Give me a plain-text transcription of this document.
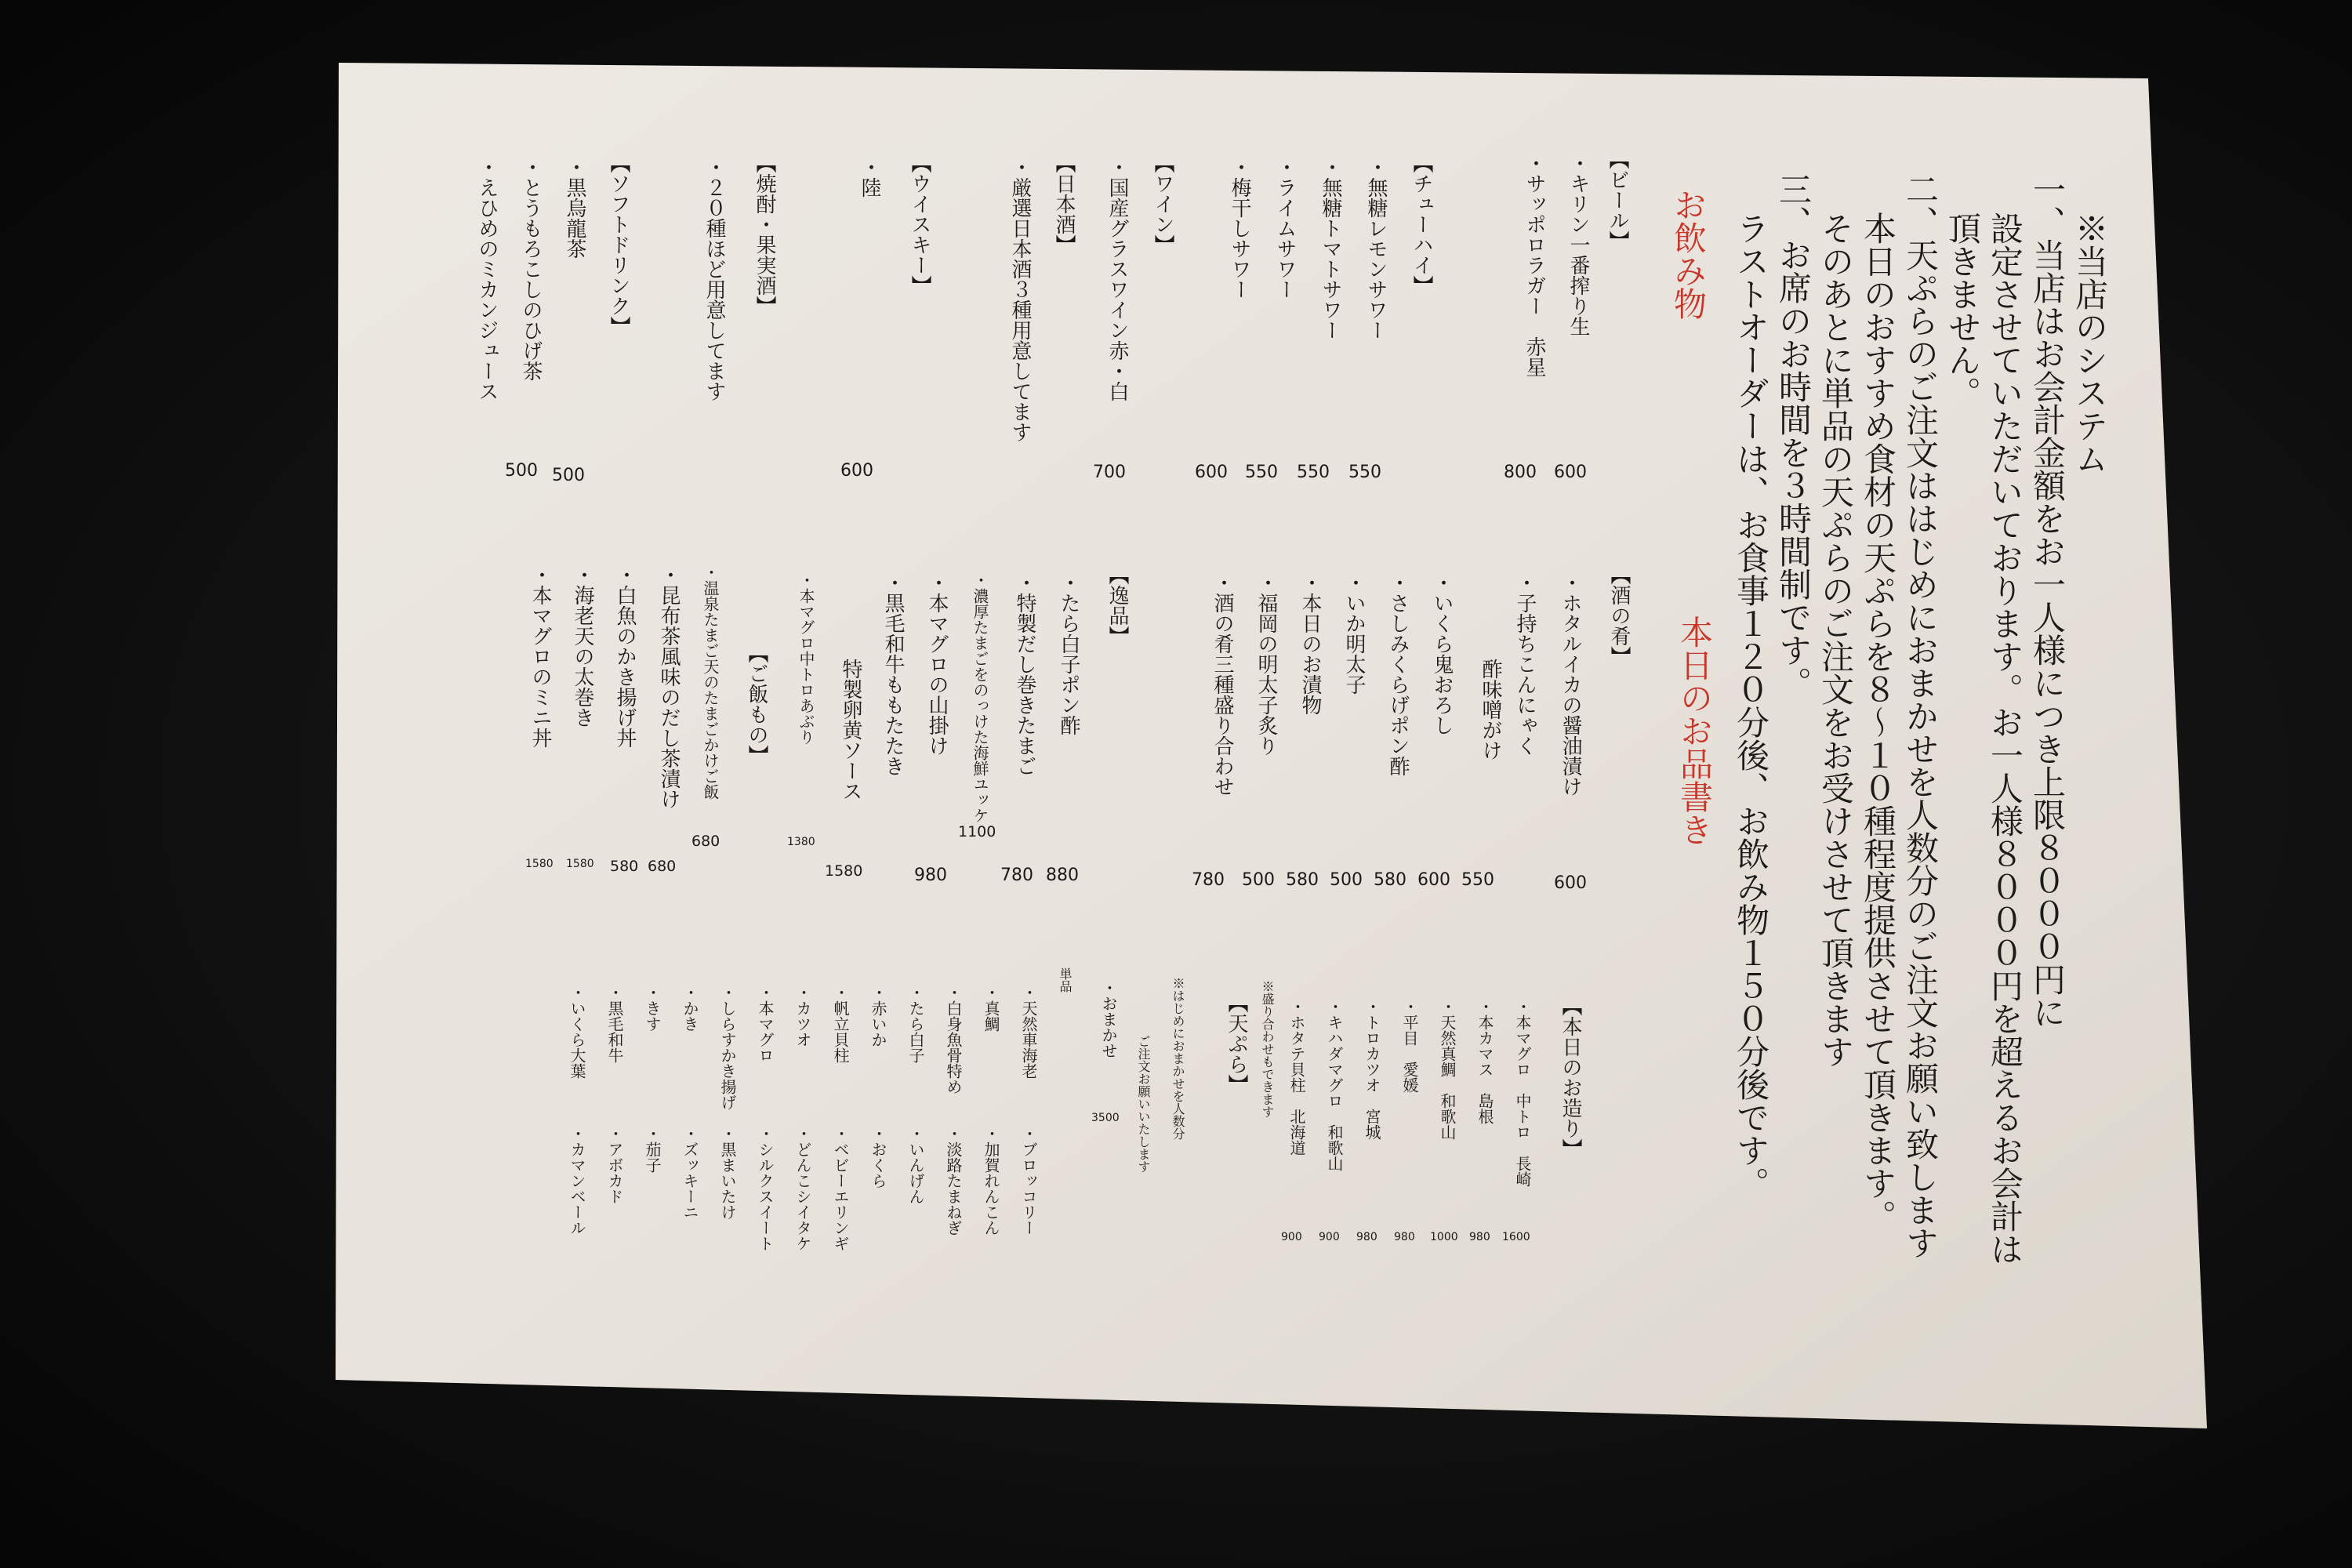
※当店のシステム
一、当店はお会計金額をお一人様につき上限８０００円に
設定させていただいております。お一人様８０００円を超えるお会計は
頂きません。
二、天ぷらのご注文ははじめにおまかせを人数分のご注文お願い致します
本日のおすすめ食材の天ぷらを８～１０種程度提供させて頂きます。
そのあとに単品の天ぷらのご注文をお受けさせて頂きます
三、お席のお時間を３時間制です。
ラストオーダーは、お食事１２０分後、お飲み物１５０分後です。
お飲み物
本日のお品書き
【ビール】
・キリン一番搾り生
・サッポロラガー　赤星
800 600
【チューハイ】
・無糖レモンサワー
・無糖トマトサワー
・ライムサワー
・梅干しサワー
600 550 550 550
【ワイン】
・国産グラスワイン赤・白
700
【日本酒】
・厳選日本酒３種用意してます
【ウイスキー】
・陸
600
【焼酎・果実酒】
・２０種ほど用意してます
【ソフトドリンク】
・黒烏龍茶
・とうもろこしのひげ茶
・えひめのミカンジュース
500
500
【酒の肴】
・ホタルイカの醤油漬け
・子持ちこんにゃく
酢味噌がけ
・いくら鬼おろし
・さしみくらげポン酢
・いか明太子
・本日のお漬物
・福岡の明太子炙り
・酒の肴三種盛り合わせ
600
550
600
580
500
580
500
780
【逸品】
・たら白子ポン酢
・特製だし巻きたまご
・濃厚たまごをのっけた海鮮ユッケ
・本マグロの山掛け
・黒毛和牛ももたたき
特製卵黄ソース
・本マグロ中トロあぶり
880
780
1100
980
1580
1380
【ご飯もの】
・温泉たまご天のたまごかけご飯
・昆布茶風味のだし茶漬け
・白魚のかき揚げ丼
・海老天の太巻き
・本マグロのミニ丼
680
680
580
1580
1580
【本日のお造り】
・本マグロ　中トロ　長崎
・本カマス　島根
・天然真鯛　和歌山
・平目　愛媛
・トロカツオ　宮城
・キハダマグロ　和歌山
・ホタテ貝柱　北海道
1600
980
1000
980
980
900
900
【天ぷら】 ※盛り合わせもできます
※はじめにおまかせを人数分
ご注文お願いいたします
・おまかせ
3500
単品
・天然車海老
・ブロッコリー
・真鯛
・加賀れんこん
・白身魚骨特め
・淡路たまねぎ
・たら白子
・いんげん
・赤いか
・おくら
・帆立貝柱
・ベビーエリンギ
・カツオ
・どんこシイタケ
・本マグロ
・シルクスイート
・しらすかき揚げ
・黒まいたけ
・かき
・ズッキーニ
・きす
・茄子
・黒毛和牛
・アボカド
・いくら大葉
・カマンベール
